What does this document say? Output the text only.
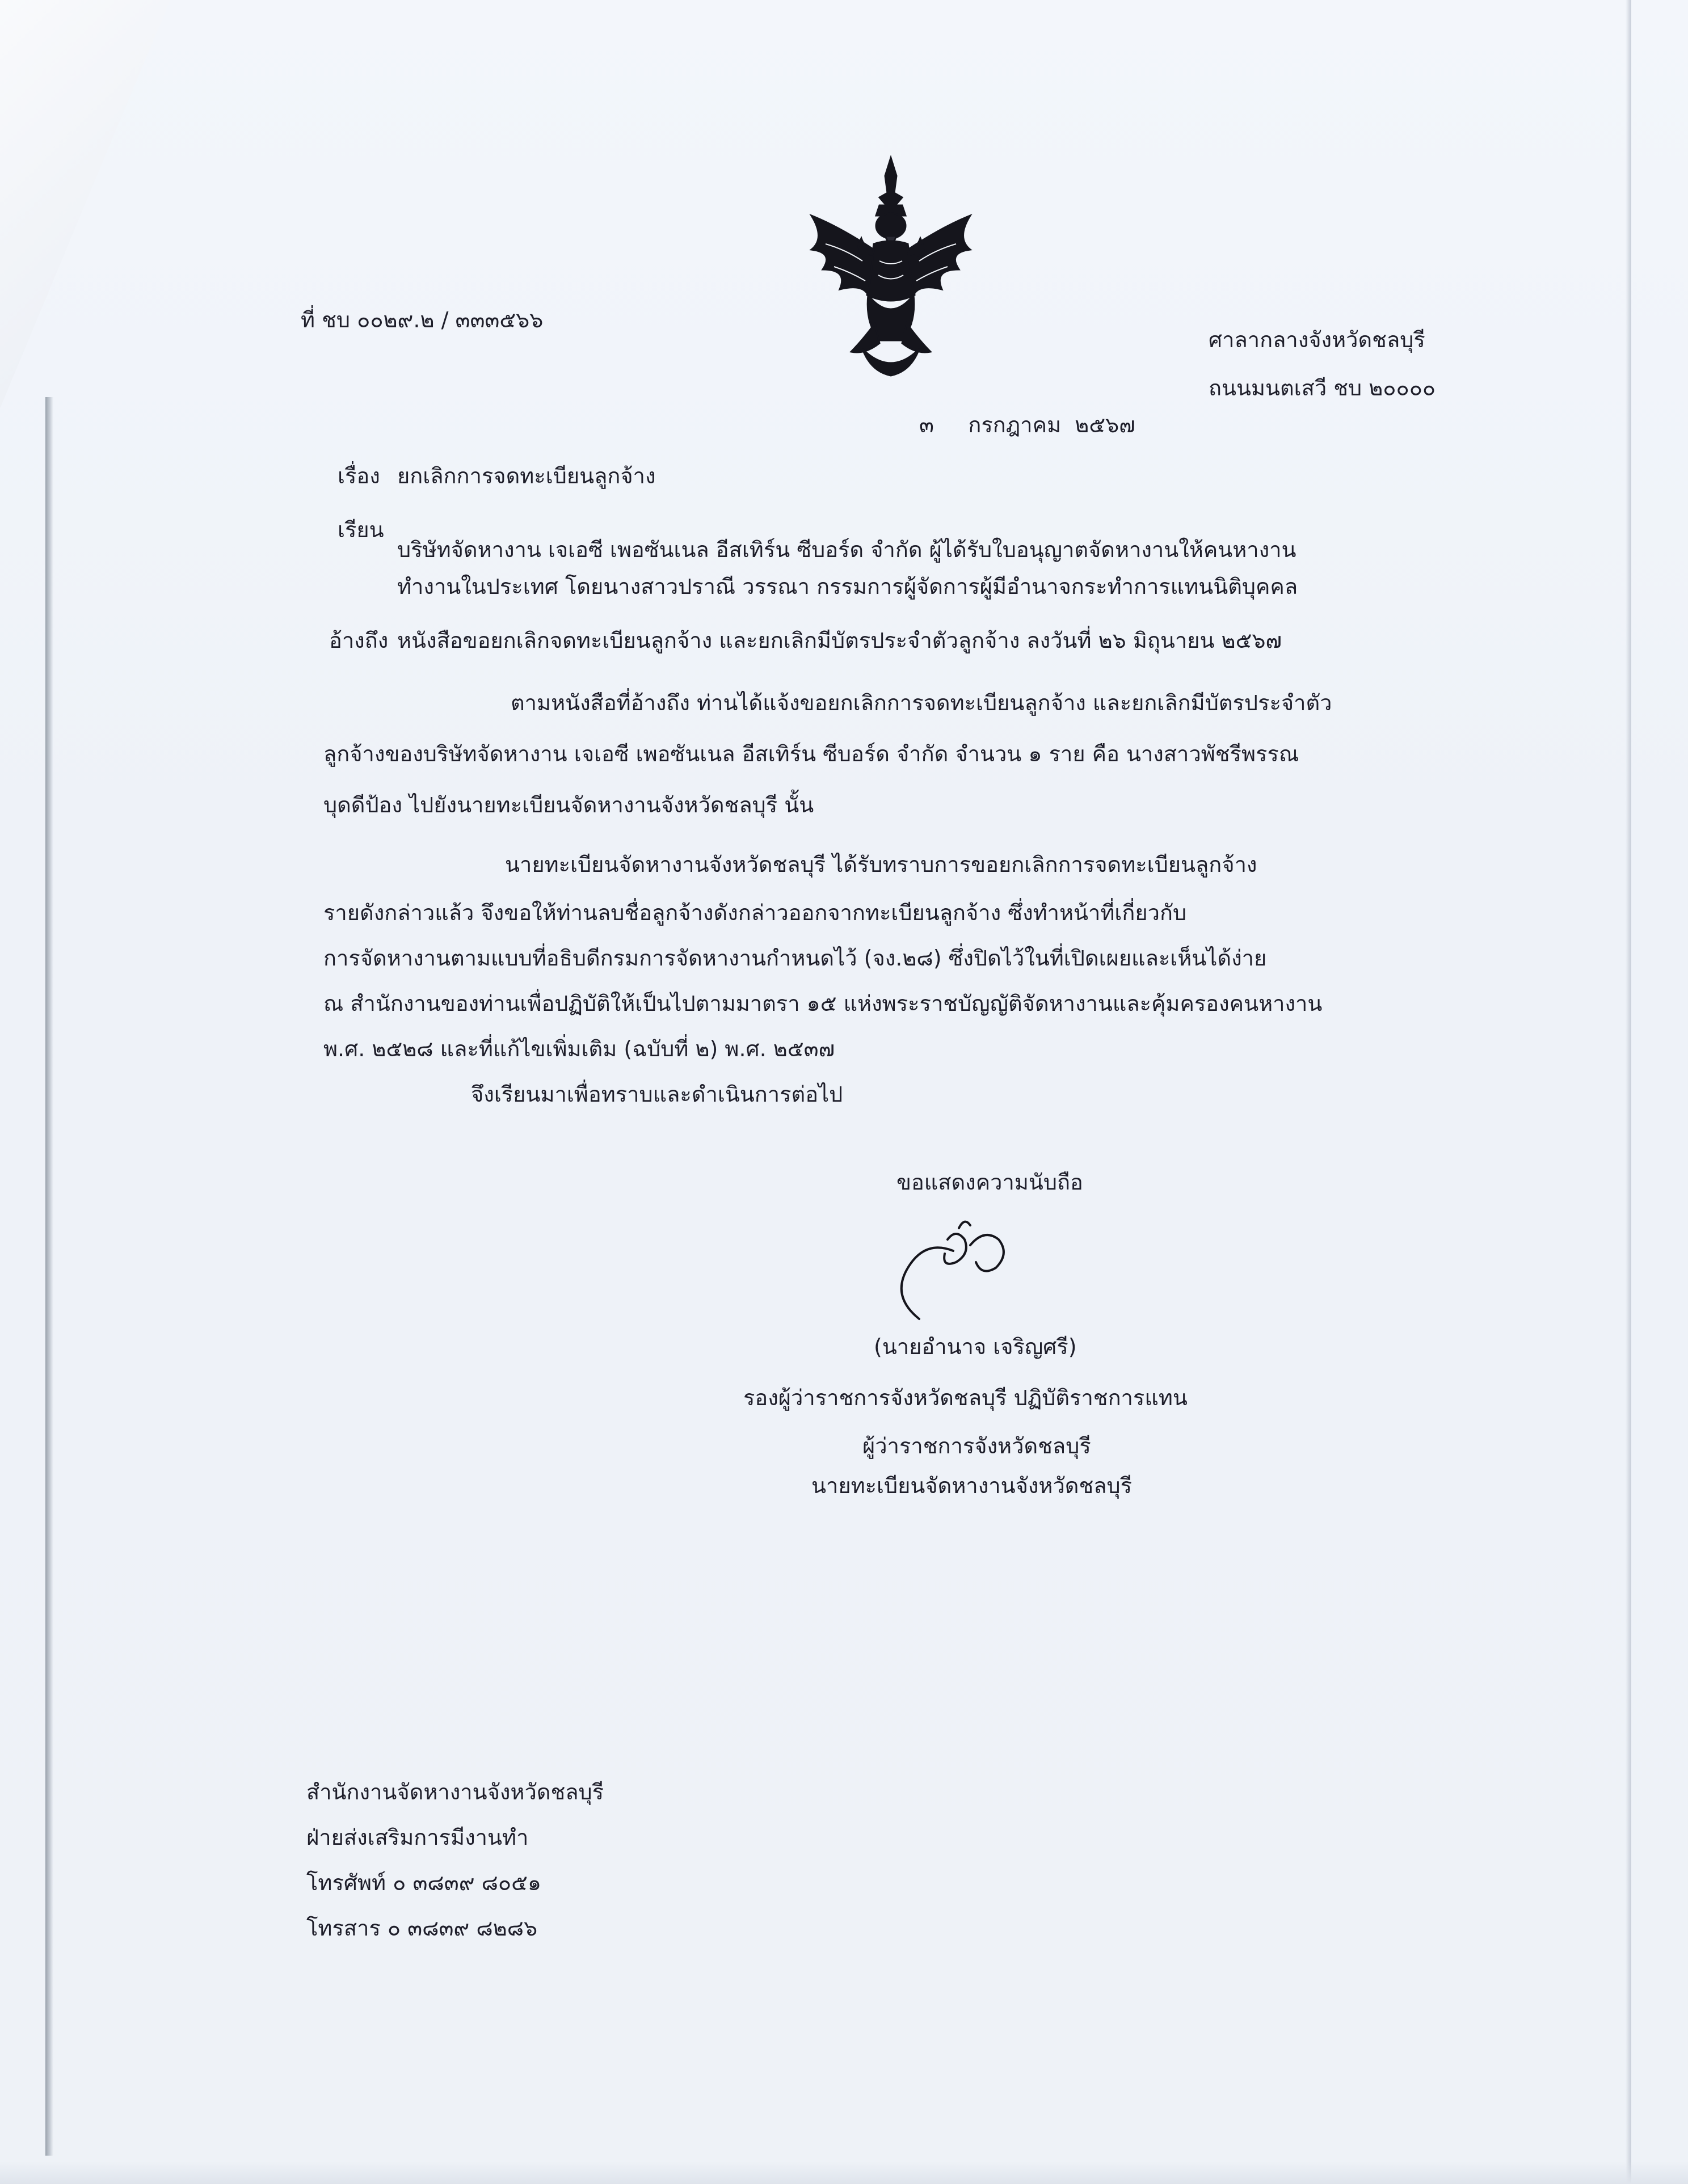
ที่ ชบ ๐๐๒๙.๒ / ๓๓๓๕๖๖
ศาลากลางจังหวัดชลบุรี
ถนนมนตเสวี ชบ ๒๐๐๐๐
๓     กรกฎาคม  ๒๕๖๗
เรื่อง ยกเลิกการจดทะเบียนลูกจ้าง
เรียน
บริษัทจัดหางาน เจเอซี เพอซันเนล อีสเทิร์น ซีบอร์ด จำกัด ผู้ได้รับใบอนุญาตจัดหางานให้คนหางาน
ทำงานในประเทศ โดยนางสาวปราณี วรรณา กรรมการผู้จัดการผู้มีอำนาจกระทำการแทนนิติบุคคล
อ้างถึง หนังสือขอยกเลิกจดทะเบียนลูกจ้าง และยกเลิกมีบัตรประจำตัวลูกจ้าง ลงวันที่ ๒๖ มิถุนายน ๒๕๖๗
ตามหนังสือที่อ้างถึง ท่านได้แจ้งขอยกเลิกการจดทะเบียนลูกจ้าง และยกเลิกมีบัตรประจำตัว
ลูกจ้างของบริษัทจัดหางาน เจเอซี เพอซันเนล อีสเทิร์น ซีบอร์ด จำกัด จำนวน ๑ ราย คือ นางสาวพัชรีพรรณ
บุดดีป้อง ไปยังนายทะเบียนจัดหางานจังหวัดชลบุรี นั้น
นายทะเบียนจัดหางานจังหวัดชลบุรี ได้รับทราบการขอยกเลิกการจดทะเบียนลูกจ้าง
รายดังกล่าวแล้ว จึงขอให้ท่านลบชื่อลูกจ้างดังกล่าวออกจากทะเบียนลูกจ้าง ซึ่งทำหน้าที่เกี่ยวกับ
การจัดหางานตามแบบที่อธิบดีกรมการจัดหางานกำหนดไว้ (จง.๒๘) ซึ่งปิดไว้ในที่เปิดเผยและเห็นได้ง่าย
ณ สำนักงานของท่านเพื่อปฏิบัติให้เป็นไปตามมาตรา ๑๕ แห่งพระราชบัญญัติจัดหางานและคุ้มครองคนหางาน
พ.ศ. ๒๕๒๘ และที่แก้ไขเพิ่มเติม (ฉบับที่ ๒) พ.ศ. ๒๕๓๗
จึงเรียนมาเพื่อทราบและดำเนินการต่อไป
ขอแสดงความนับถือ
(นายอำนาจ เจริญศรี)
รองผู้ว่าราชการจังหวัดชลบุรี ปฏิบัติราชการแทน
ผู้ว่าราชการจังหวัดชลบุรี
นายทะเบียนจัดหางานจังหวัดชลบุรี
สำนักงานจัดหางานจังหวัดชลบุรี
ฝ่ายส่งเสริมการมีงานทำ
โทรศัพท์ ๐ ๓๘๓๙ ๘๐๕๑
โทรสาร ๐ ๓๘๓๙ ๘๒๘๖
